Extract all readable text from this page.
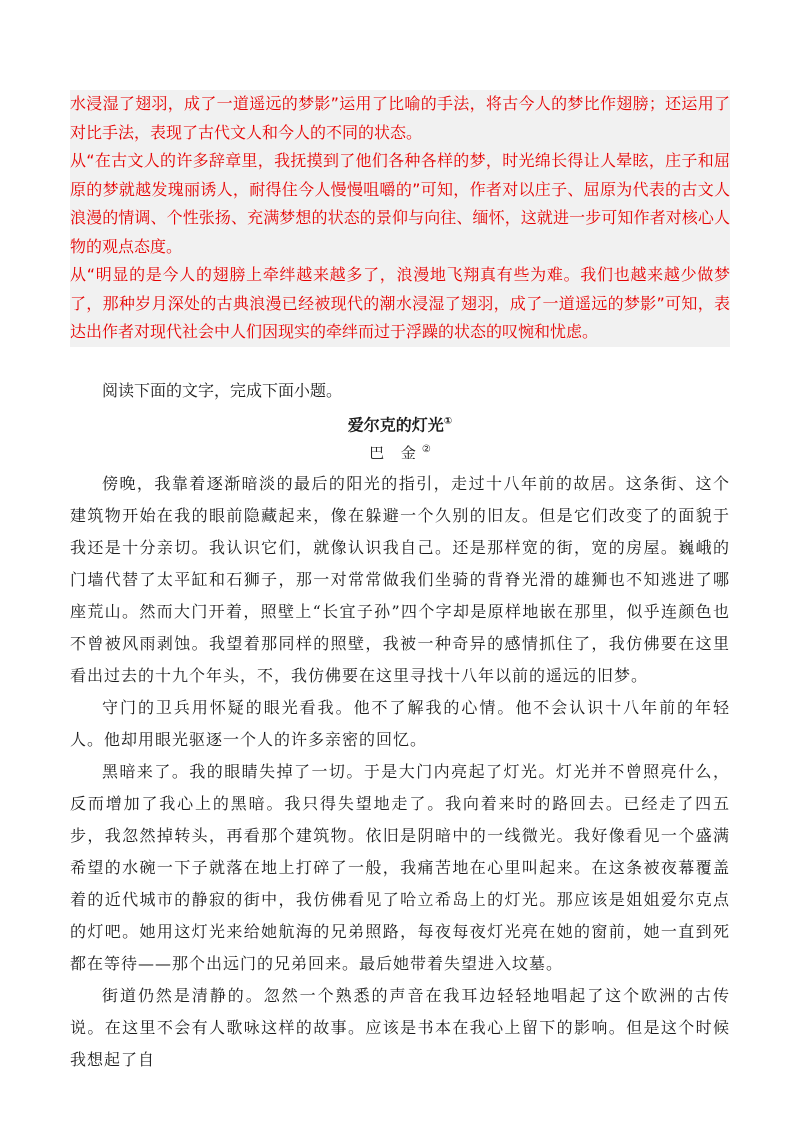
水浸湿了翅羽，成了一道遥远的梦影”运用了比喻的手法，将古今人的梦比作翅膀；还运用了对比手法，表现了古代文人和今人的不同的状态。

从“在古文人的许多辞章里，我抚摸到了他们各种各样的梦，时光绵长得让人晕眩，庄子和屈原的梦就越发瑰丽诱人，耐得住今人慢慢咀嚼的”可知，作者对以庄子、屈原为代表的古文人浪漫的情调、个性张扬、充满梦想的状态的景仰与向往、缅怀，这就进一步可知作者对核心人物的观点态度。

从“明显的是今人的翅膀上牵绊越来越多了，浪漫地飞翔真有些为难。我们也越来越少做梦了，那种岁月深处的古典浪漫已经被现代的潮水浸湿了翅羽，成了一道遥远的梦影”可知，表达出作者对现代社会中人们因现实的牵绊而过于浮躁的状态的叹惋和忧虑。

阅读下面的文字，完成下面小题。

爱尔克的灯光①

巴 金②

傍晚，我靠着逐渐暗淡的最后的阳光的指引，走过十八年前的故居。这条街、这个建筑物开始在我的眼前隐藏起来，像在躲避一个久别的旧友。但是它们改变了的面貌于我还是十分亲切。我认识它们，就像认识我自己。还是那样宽的街，宽的房屋。巍峨的门墙代替了太平缸和石狮子，那一对常常做我们坐骑的背脊光滑的雄狮也不知逃进了哪座荒山。然而大门开着，照壁上“长宜子孙”四个字却是原样地嵌在那里，似乎连颜色也不曾被风雨剥蚀。我望着那同样的照壁，我被一种奇异的感情抓住了，我仿佛要在这里看出过去的十九个年头，不，我仿佛要在这里寻找十八年以前的遥远的旧梦。

守门的卫兵用怀疑的眼光看我。他不了解我的心情。他不会认识十八年前的年轻人。他却用眼光驱逐一个人的许多亲密的回忆。

黑暗来了。我的眼睛失掉了一切。于是大门内亮起了灯光。灯光并不曾照亮什么，反而增加了我心上的黑暗。我只得失望地走了。我向着来时的路回去。已经走了四五步，我忽然掉转头，再看那个建筑物。依旧是阴暗中的一线微光。我好像看见一个盛满希望的水碗一下子就落在地上打碎了一般，我痛苦地在心里叫起来。在这条被夜幕覆盖着的近代城市的静寂的街中，我仿佛看见了哈立希岛上的灯光。那应该是姐姐爱尔克点的灯吧。她用这灯光来给她航海的兄弟照路，每夜每夜灯光亮在她的窗前，她一直到死都在等待——那个出远门的兄弟回来。最后她带着失望进入坟墓。

街道仍然是清静的。忽然一个熟悉的声音在我耳边轻轻地唱起了这个欧洲的古传说。在这里不会有人歌咏这样的故事。应该是书本在我心上留下的影响。但是这个时候我想起了自
